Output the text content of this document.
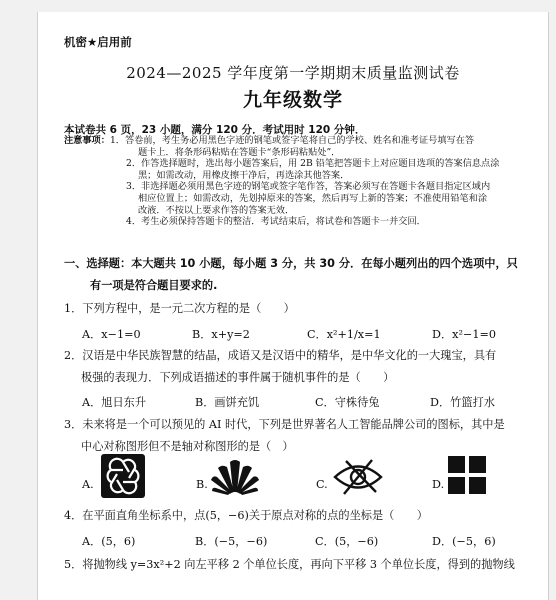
机密★启用前
2024—2025 学年度第一学期期末质量监测试卷
九年级数学
本试卷共 6 页，23 小题，满分 120 分．考试用时 120 分钟．
注意事项：1．答卷前，考生务必用黑色字迹的钢笔或签字笔将自己的学校、姓名和准考证号填写在答
题卡上．将条形码粘贴在答题卡“条形码粘贴处”．
2．作答选择题时，选出每小题答案后，用 2B 铅笔把答题卡上对应题目选项的答案信息点涂
黑；如需改动，用橡皮擦干净后，再选涂其他答案．
3．非选择题必须用黑色字迹的钢笔或签字笔作答，答案必须写在答题卡各题目指定区域内
相应位置上；如需改动，先划掉原来的答案，然后再写上新的答案；不准使用铅笔和涂
改液．不按以上要求作答的答案无效．
4．考生必须保持答题卡的整洁．考试结束后，将试卷和答题卡一并交回．
一、选择题：本大题共 10 小题，每小题 3 分，共 30 分．在每小题列出的四个选项中，只
有一项是符合题目要求的.
1．下列方程中，是一元二次方程的是（　　）
A．x−1=0	B．x+y=2	C．x²+1/x=1	D．x²−1=0
2．汉语是中华民族智慧的结晶，成语又是汉语中的精华，是中华文化的一大瑰宝，具有
极强的表现力．下列成语描述的事件属于随机事件的是（　　）
A．旭日东升	B．画饼充饥	C．守株待兔	D．竹篮打水
3．未来将是一个可以预见的 AI 时代，下列是世界著名人工智能品牌公司的图标，其中是
中心对称图形但不是轴对称图形的是（　）
A.	B.	C.	D.
4．在平面直角坐标系中，点(5，−6)关于原点对称的点的坐标是（　　）
A．(5，6)	B．(−5，−6)	C．(5，−6)	D．(−5，6)
5．将抛物线 y=3x²+2 向左平移 2 个单位长度，再向下平移 3 个单位长度，得到的抛物线
